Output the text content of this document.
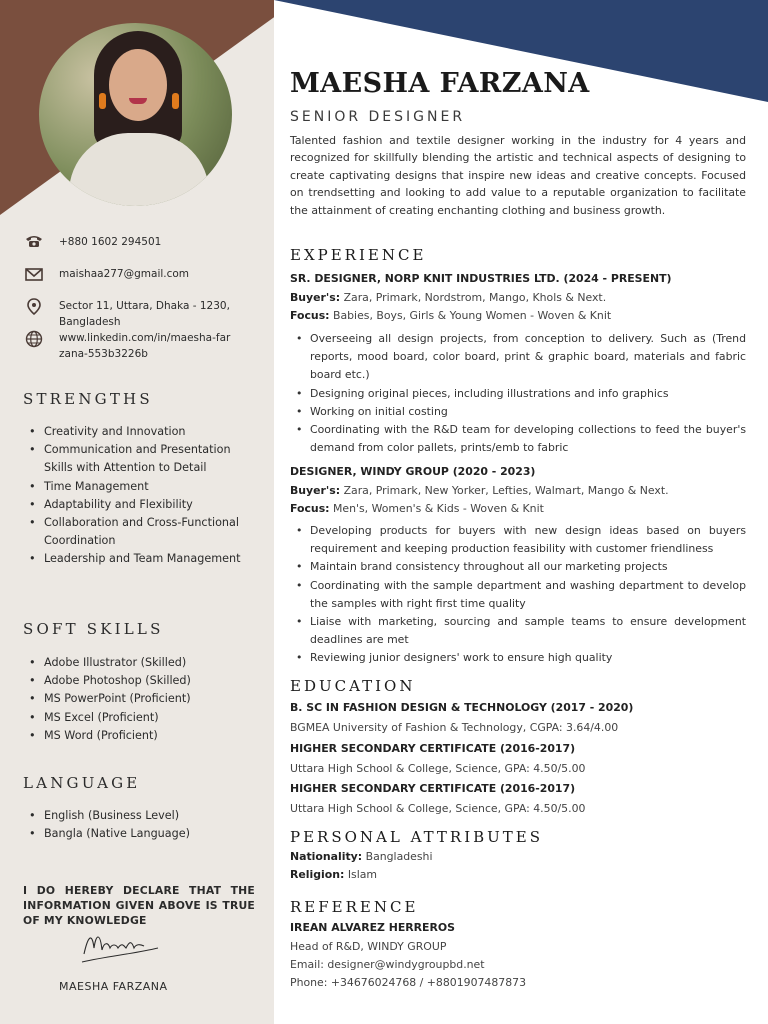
+880 1602 294501
maishaa277@gmail.com
Sector 11, Uttara, Dhaka - 1230, Bangladesh
www.linkedin.com/in/maesha-farzana-553b3226b
STRENGTHS
• Creativity and Innovation
• Communication and Presentation Skills with Attention to Detail
• Time Management
• Adaptability and Flexibility
• Collaboration and Cross-Functional Coordination
• Leadership and Team Management
SOFT SKILLS
• Adobe Illustrator (Skilled)
• Adobe Photoshop (Skilled)
• MS PowerPoint (Proficient)
• MS Excel (Proficient)
• MS Word (Proficient)
LANGUAGE
• English (Business Level)
• Bangla (Native Language)
I DO HEREBY DECLARE THAT THE INFORMATION GIVEN ABOVE IS TRUE OF MY KNOWLEDGE
MAESHA FARZANA
MAESHA FARZANA
SENIOR DESIGNER
Talented fashion and textile designer working in the industry for 4 years and recognized for skillfully blending the artistic and technical aspects of designing to create captivating designs that inspire new ideas and creative concepts. Focused on trendsetting and looking to add value to a reputable organization to facilitate the attainment of creating enchanting clothing and business growth.
EXPERIENCE
SR. DESIGNER, NORP KNIT INDUSTRIES LTD. (2024 - PRESENT)
Buyer's: Zara, Primark, Nordstrom, Mango, Khols & Next.
Focus: Babies, Boys, Girls & Young Women - Woven & Knit
• Overseeing all design projects, from conception to delivery. Such as (Trend reports, mood board, color board, print & graphic board, materials and fabric board etc.)
• Designing original pieces, including illustrations and info graphics
• Working on initial costing
• Coordinating with the R&D team for developing collections to feed the buyer's demand from color pallets, prints/emb to fabric
DESIGNER, WINDY GROUP (2020 - 2023)
Buyer's: Zara, Primark, New Yorker, Lefties, Walmart, Mango & Next.
Focus: Men's, Women's & Kids - Woven & Knit
• Developing products for buyers with new design ideas based on buyers requirement and keeping production feasibility with customer friendliness
• Maintain brand consistency throughout all our marketing projects
• Coordinating with the sample department and washing department to develop the samples with right first time quality
• Liaise with marketing, sourcing and sample teams to ensure development deadlines are met
• Reviewing junior designers' work to ensure high quality
EDUCATION
B. SC IN FASHION DESIGN & TECHNOLOGY (2017 - 2020)
BGMEA University of Fashion & Technology, CGPA: 3.64/4.00
HIGHER SECONDARY CERTIFICATE (2016-2017)
Uttara High School & College, Science, GPA: 4.50/5.00
HIGHER SECONDARY CERTIFICATE (2016-2017)
Uttara High School & College, Science, GPA: 4.50/5.00
PERSONAL ATTRIBUTES
Nationality: Bangladeshi
Religion: Islam
REFERENCE
IREAN ALVAREZ HERREROS
Head of R&D, WINDY GROUP
Email: designer@windygroupbd.net
Phone: +34676024768 / +8801907487873
